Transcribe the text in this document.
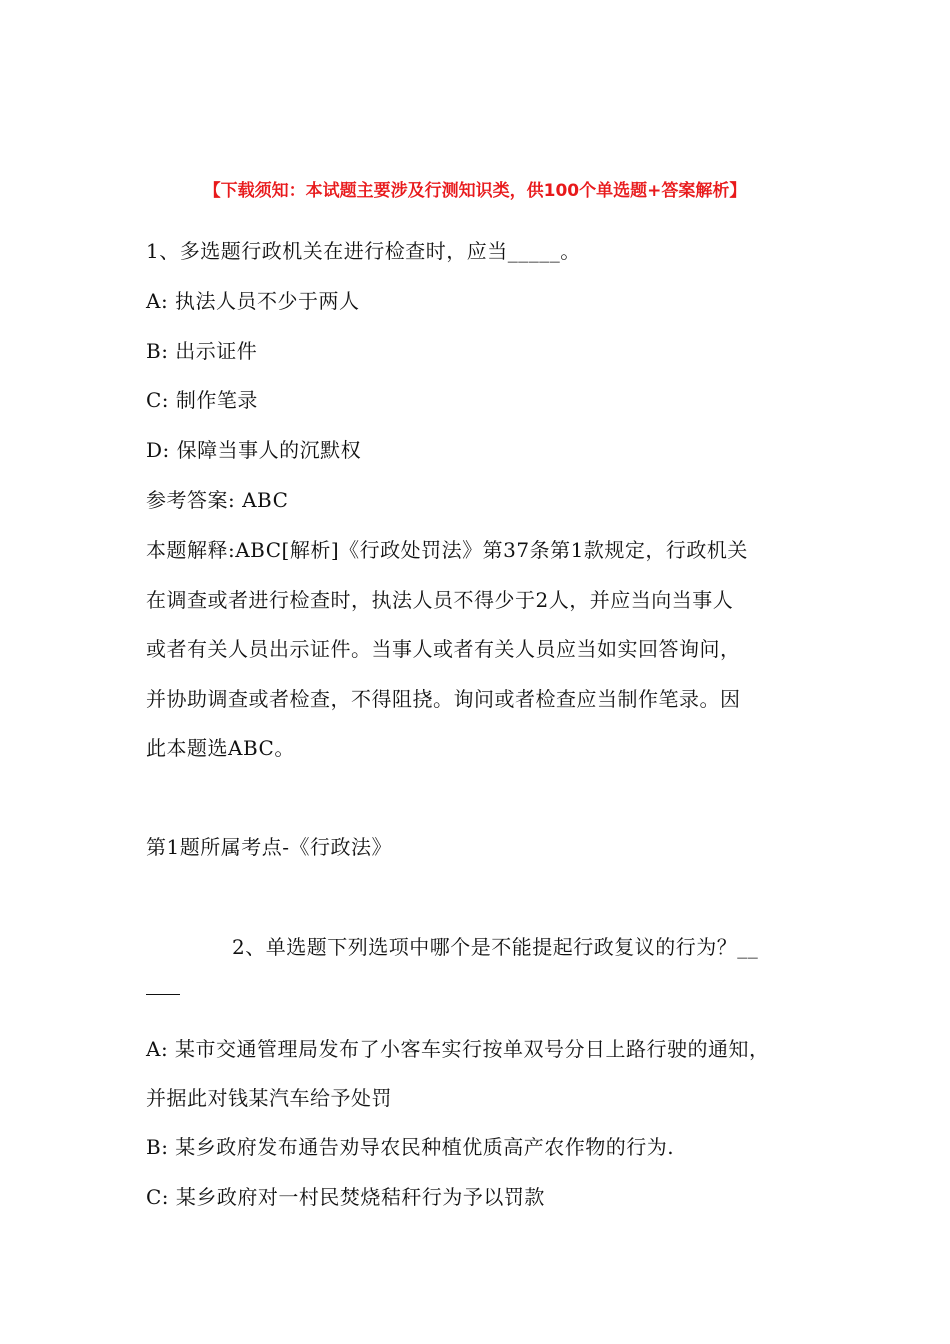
【下载须知：本试题主要涉及行测知识类，供100个单选题+答案解析】
1、多选题行政机关在进行检查时，应当_____。
A: 执法人员不少于两人
B: 出示证件
C: 制作笔录
D: 保障当事人的沉默权
参考答案: ABC
本题解释:ABC[解析]《行政处罚法》第37条第1款规定，行政机关
在调查或者进行检查时，执法人员不得少于2人，并应当向当事人
或者有关人员出示证件。当事人或者有关人员应当如实回答询问，
并协助调查或者检查，不得阻挠。询问或者检查应当制作笔录。因
此本题选ABC。
第1题所属考点-《行政法》
2、单选题下列选项中哪个是不能提起行政复议的行为？__
A: 某市交通管理局发布了小客车实行按单双号分日上路行驶的通知，
并据此对钱某汽车给予处罚
B: 某乡政府发布通告劝导农民种植优质高产农作物的行为.
C: 某乡政府对一村民焚烧秸秆行为予以罚款
